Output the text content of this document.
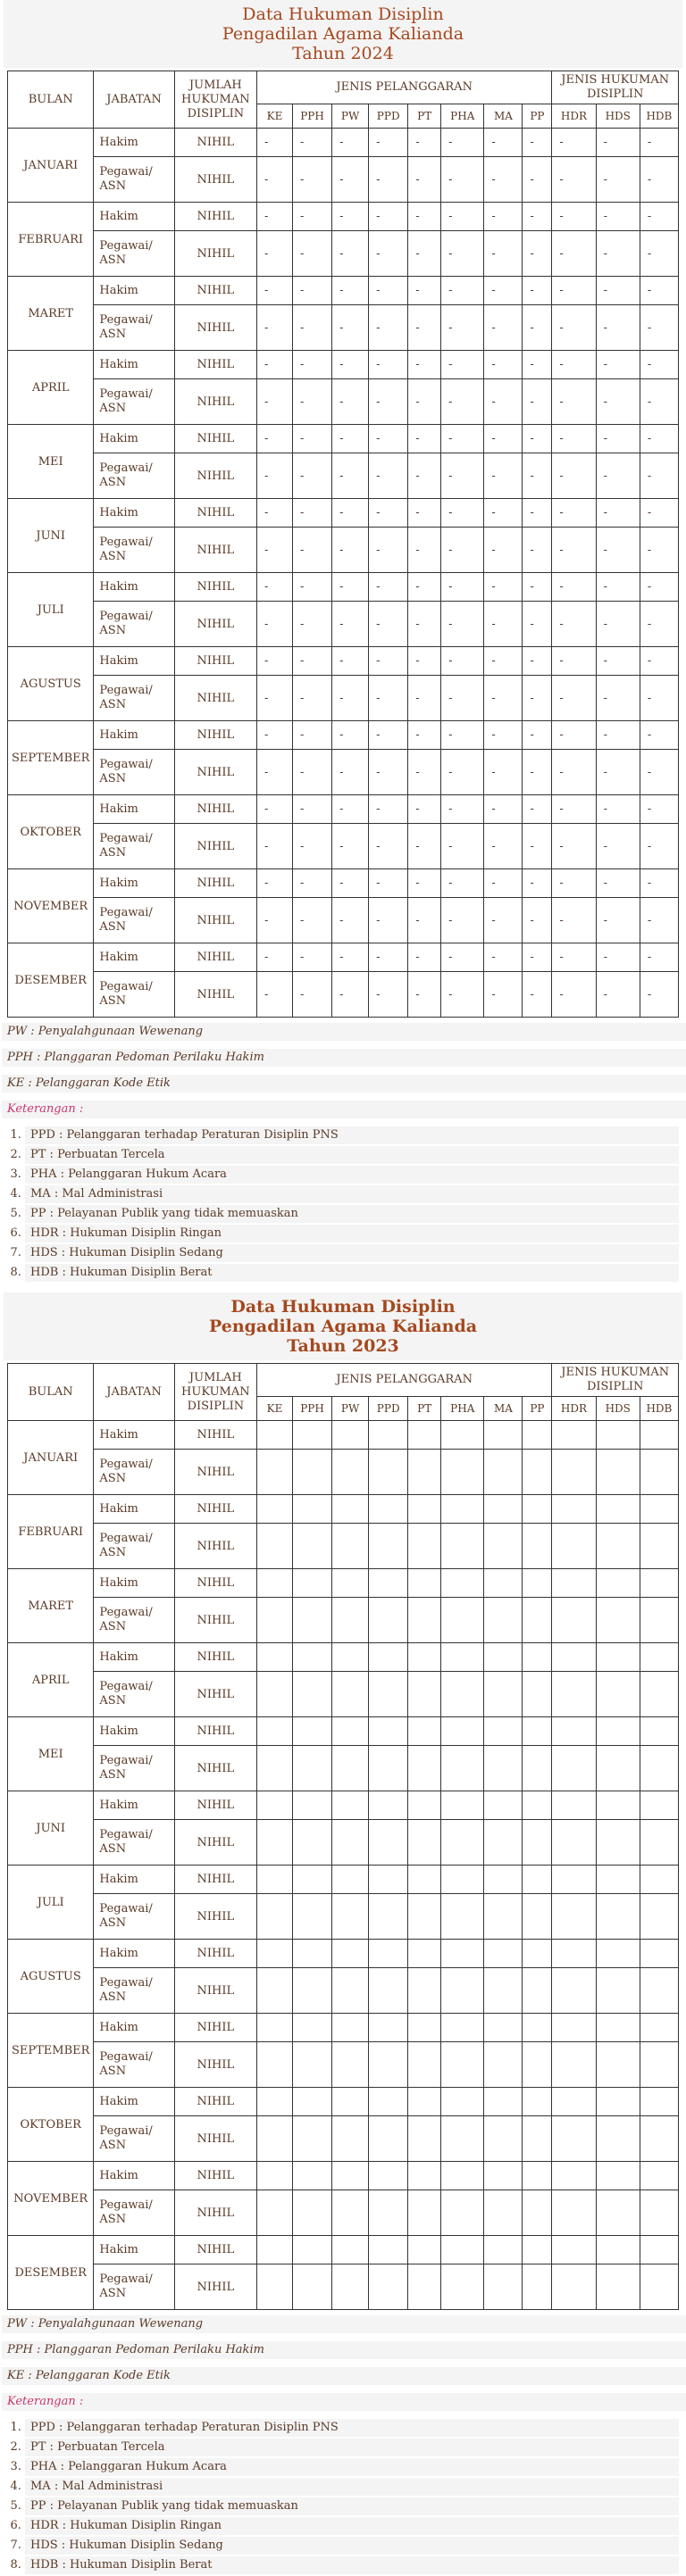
Data Hukuman Disiplin
Pengadilan Agama Kalianda
Tahun 2024
BULAN	JABATAN	JUMLAH HUKUMAN DISIPLIN	JENIS PELANGGARAN								JENIS HUKUMAN DISIPLIN		
			KE	PPH	PW	PPD	PT	PHA	MA	PP	HDR	HDS	HDB
JANUARI	Hakim	NIHIL	-	-	-	-	-	-	-	-	-	-	-
	Pegawai/ ASN	NIHIL	-	-	-	-	-	-	-	-	-	-	-
FEBRUARI	Hakim	NIHIL	-	-	-	-	-	-	-	-	-	-	-
	Pegawai/ ASN	NIHIL	-	-	-	-	-	-	-	-	-	-	-
MARET	Hakim	NIHIL	-	-	-	-	-	-	-	-	-	-	-
	Pegawai/ ASN	NIHIL	-	-	-	-	-	-	-	-	-	-	-
APRIL	Hakim	NIHIL	-	-	-	-	-	-	-	-	-	-	-
	Pegawai/ ASN	NIHIL	-	-	-	-	-	-	-	-	-	-	-
MEI	Hakim	NIHIL	-	-	-	-	-	-	-	-	-	-	-
	Pegawai/ ASN	NIHIL	-	-	-	-	-	-	-	-	-	-	-
JUNI	Hakim	NIHIL	-	-	-	-	-	-	-	-	-	-	-
	Pegawai/ ASN	NIHIL	-	-	-	-	-	-	-	-	-	-	-
JULI	Hakim	NIHIL	-	-	-	-	-	-	-	-	-	-	-
	Pegawai/ ASN	NIHIL	-	-	-	-	-	-	-	-	-	-	-
AGUSTUS	Hakim	NIHIL	-	-	-	-	-	-	-	-	-	-	-
	Pegawai/ ASN	NIHIL	-	-	-	-	-	-	-	-	-	-	-
SEPTEMBER	Hakim	NIHIL	-	-	-	-	-	-	-	-	-	-	-
	Pegawai/ ASN	NIHIL	-	-	-	-	-	-	-	-	-	-	-
OKTOBER	Hakim	NIHIL	-	-	-	-	-	-	-	-	-	-	-
	Pegawai/ ASN	NIHIL	-	-	-	-	-	-	-	-	-	-	-
NOVEMBER	Hakim	NIHIL	-	-	-	-	-	-	-	-	-	-	-
	Pegawai/ ASN	NIHIL	-	-	-	-	-	-	-	-	-	-	-
DESEMBER	Hakim	NIHIL	-	-	-	-	-	-	-	-	-	-	-
	Pegawai/ ASN	NIHIL	-	-	-	-	-	-	-	-	-	-	-
PW : Penyalahgunaan Wewenang
PPH : Planggaran Pedoman Perilaku Hakim
KE : Pelanggaran Kode Etik
Keterangan :
1. PPD : Pelanggaran terhadap Peraturan Disiplin PNS
2. PT : Perbuatan Tercela
3. PHA : Pelanggaran Hukum Acara
4. MA : Mal Administrasi
5. PP : Pelayanan Publik yang tidak memuaskan
6. HDR : Hukuman Disiplin Ringan
7. HDS : Hukuman Disiplin Sedang
8. HDB : Hukuman Disiplin Berat
Data Hukuman Disiplin
Pengadilan Agama Kalianda
Tahun 2023
BULAN	JABATAN	JUMLAH HUKUMAN DISIPLIN	JENIS PELANGGARAN								JENIS HUKUMAN DISIPLIN		
			KE	PPH	PW	PPD	PT	PHA	MA	PP	HDR	HDS	HDB
JANUARI	Hakim	NIHIL											
	Pegawai/ ASN	NIHIL											
FEBRUARI	Hakim	NIHIL											
	Pegawai/ ASN	NIHIL											
MARET	Hakim	NIHIL											
	Pegawai/ ASN	NIHIL											
APRIL	Hakim	NIHIL											
	Pegawai/ ASN	NIHIL											
MEI	Hakim	NIHIL											
	Pegawai/ ASN	NIHIL											
JUNI	Hakim	NIHIL											
	Pegawai/ ASN	NIHIL											
JULI	Hakim	NIHIL											
	Pegawai/ ASN	NIHIL											
AGUSTUS	Hakim	NIHIL											
	Pegawai/ ASN	NIHIL											
SEPTEMBER	Hakim	NIHIL											
	Pegawai/ ASN	NIHIL											
OKTOBER	Hakim	NIHIL											
	Pegawai/ ASN	NIHIL											
NOVEMBER	Hakim	NIHIL											
	Pegawai/ ASN	NIHIL											
DESEMBER	Hakim	NIHIL											
	Pegawai/ ASN	NIHIL											
PW : Penyalahgunaan Wewenang
PPH : Planggaran Pedoman Perilaku Hakim
KE : Pelanggaran Kode Etik
Keterangan :
1. PPD : Pelanggaran terhadap Peraturan Disiplin PNS
2. PT : Perbuatan Tercela
3. PHA : Pelanggaran Hukum Acara
4. MA : Mal Administrasi
5. PP : Pelayanan Publik yang tidak memuaskan
6. HDR : Hukuman Disiplin Ringan
7. HDS : Hukuman Disiplin Sedang
8. HDB : Hukuman Disiplin Berat
